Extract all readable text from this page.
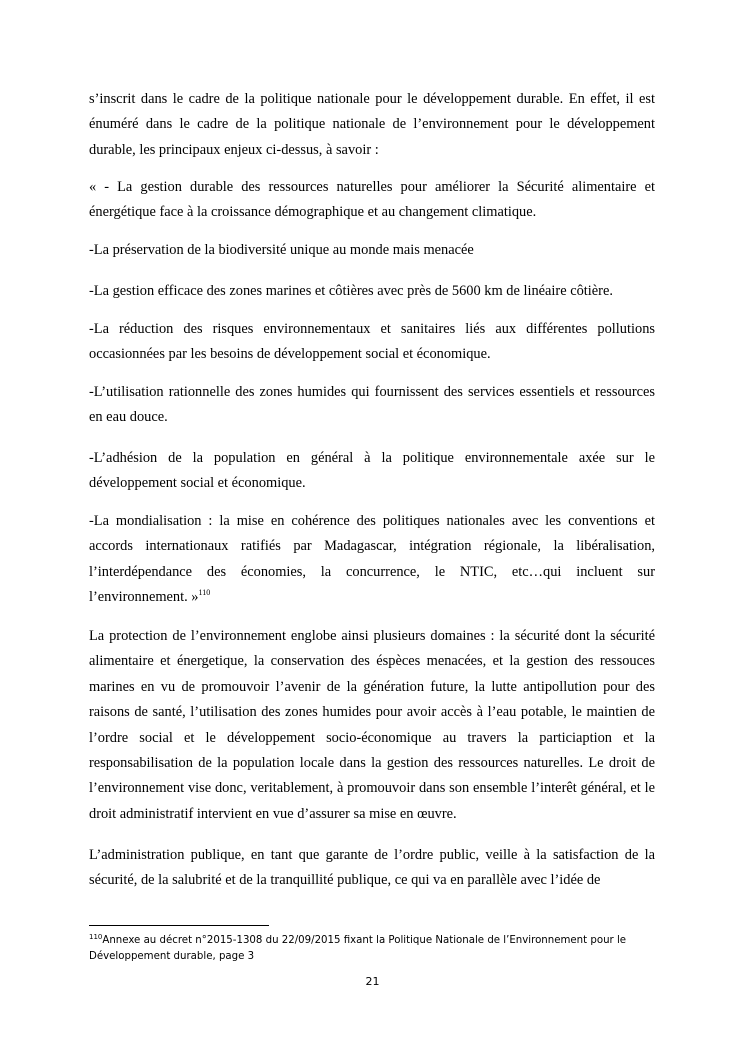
s’inscrit dans le cadre de la politique nationale pour le développement durable. En effet, il est énuméré dans le cadre de la politique nationale de l’environnement pour le développement durable, les principaux enjeux ci-dessus, à savoir :

« - La gestion durable des ressources naturelles pour améliorer la Sécurité alimentaire et énergétique face à la croissance démographique et au changement climatique.

-La préservation de la biodiversité unique au monde mais menacée

-La gestion efficace des zones marines et côtières avec près de 5600 km de linéaire côtière.

-La réduction des risques environnementaux et sanitaires liés aux différentes pollutions occasionnées par les besoins de développement social et économique.

-L’utilisation rationnelle des zones humides qui fournissent des services essentiels et ressources en eau douce.

-L’adhésion de la population en général à la politique environnementale axée sur le développement social et économique.

-La mondialisation : la mise en cohérence des politiques nationales avec les conventions et accords internationaux ratifiés par Madagascar, intégration régionale, la libéralisation, l’interdépendance des économies, la concurrence, le NTIC, etc…qui incluent sur l’environnement. »$^{110}$

La protection de l’environnement englobe ainsi plusieurs domaines : la sécurité dont la sécurité alimentaire et énergetique, la conservation des éspèces menacées, et la gestion des ressouces marines en vu de promouvoir l’avenir de la génération future, la lutte antipollution pour des raisons de santé, l’utilisation des zones humides pour avoir accès à l’eau potable, le maintien de l’ordre social et le développement socio-économique au travers la particiaption et la responsabilisation de la population locale dans la gestion des ressources naturelles. Le droit de l’environnement vise donc, veritablement, à promouvoir dans son ensemble l’interêt général, et le droit administratif intervient en vue d’assurer sa mise en œuvre.

L’administration publique, en tant que garante de l’ordre public, veille à la satisfaction de la sécurité, de la salubrité et de la tranquillité publique, ce qui va en parallèle avec l’idée de

$^{110}$Annexe au décret n°2015-1308 du 22/09/2015 fixant la Politique Nationale de l’Environnement pour le Développement durable, page 3
21
